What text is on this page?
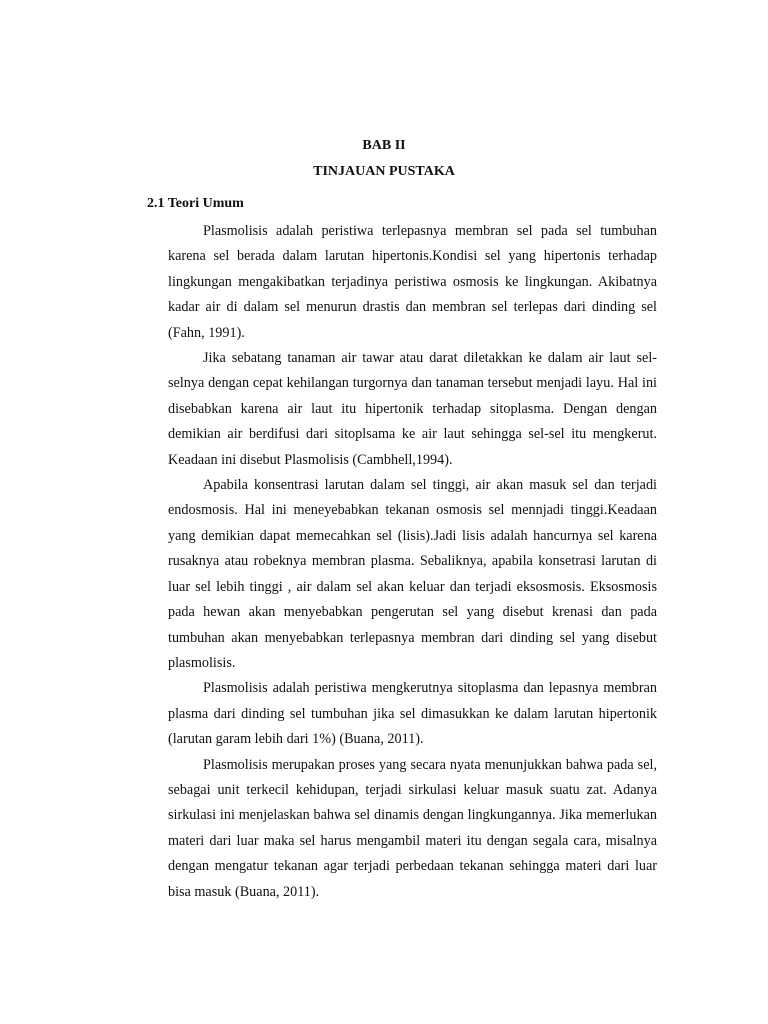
BAB II
TINJAUAN PUSTAKA
2.1 Teori Umum

Plasmolisis adalah peristiwa terlepasnya membran sel pada sel tumbuhan karena sel berada dalam larutan hipertonis.Kondisi sel yang hipertonis terhadap lingkungan mengakibatkan terjadinya peristiwa osmosis ke lingkungan. Akibatnya kadar air di dalam sel menurun drastis dan membran sel terlepas dari dinding sel (Fahn, 1991).

Jika sebatang tanaman air tawar atau darat diletakkan ke dalam air laut sel- selnya dengan cepat kehilangan turgornya dan tanaman tersebut menjadi layu. Hal ini disebabkan karena air laut itu hipertonik terhadap sitoplasma. Dengan dengan demikian air berdifusi dari sitoplsama ke air laut sehingga sel-sel itu mengkerut. Keadaan ini disebut Plasmolisis (Cambhell,1994).

Apabila konsentrasi larutan dalam sel tinggi, air akan masuk sel dan terjadi endosmosis. Hal ini meneyebabkan tekanan osmosis sel mennjadi tinggi.Keadaan yang demikian dapat memecahkan sel (lisis).Jadi lisis adalah hancurnya sel karena rusaknya atau robeknya membran plasma. Sebaliknya, apabila konsetrasi larutan di luar sel lebih tinggi , air dalam sel akan keluar dan terjadi eksosmosis. Eksosmosis pada hewan akan menyebabkan pengerutan sel yang disebut krenasi dan pada tumbuhan akan menyebabkan terlepasnya membran dari dinding sel yang disebut plasmolisis.

Plasmolisis adalah peristiwa mengkerutnya sitoplasma dan lepasnya membran plasma dari dinding sel tumbuhan jika sel dimasukkan ke dalam larutan hipertonik (larutan garam lebih dari 1%) (Buana, 2011).

Plasmolisis merupakan proses yang secara nyata menunjukkan bahwa pada sel, sebagai unit terkecil kehidupan, terjadi sirkulasi keluar masuk suatu zat. Adanya sirkulasi ini menjelaskan bahwa sel dinamis dengan lingkungannya. Jika memerlukan materi dari luar maka sel harus mengambil materi itu dengan segala cara, misalnya dengan mengatur tekanan agar terjadi perbedaan tekanan sehingga materi dari luar bisa masuk (Buana, 2011).
